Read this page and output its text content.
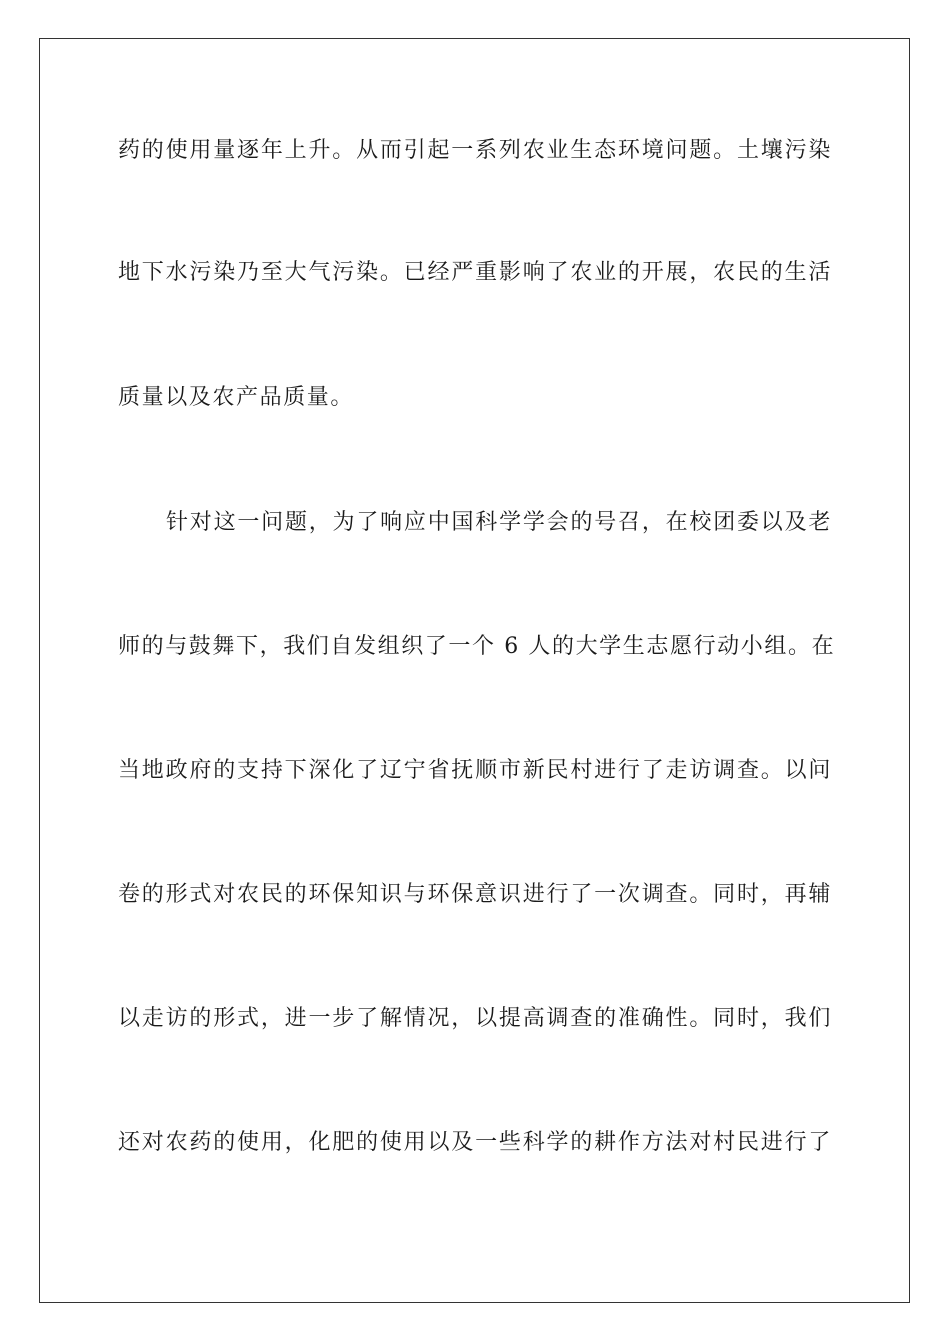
药的使用量逐年上升。从而引起一系列农业生态环境问题。土壤污染
地下水污染乃至大气污染。已经严重影响了农业的开展，农民的生活
质量以及农产品质量。
针对这一问题，为了响应中国科学学会的号召，在校团委以及老
师的与鼓舞下，我们自发组织了一个 6 人的大学生志愿行动小组。在
当地政府的支持下深化了辽宁省抚顺市新民村进行了走访调查。以问
卷的形式对农民的环保知识与环保意识进行了一次调查。同时，再辅
以走访的形式，进一步了解情况，以提高调查的准确性。同时，我们
还对农药的使用，化肥的使用以及一些科学的耕作方法对村民进行了
